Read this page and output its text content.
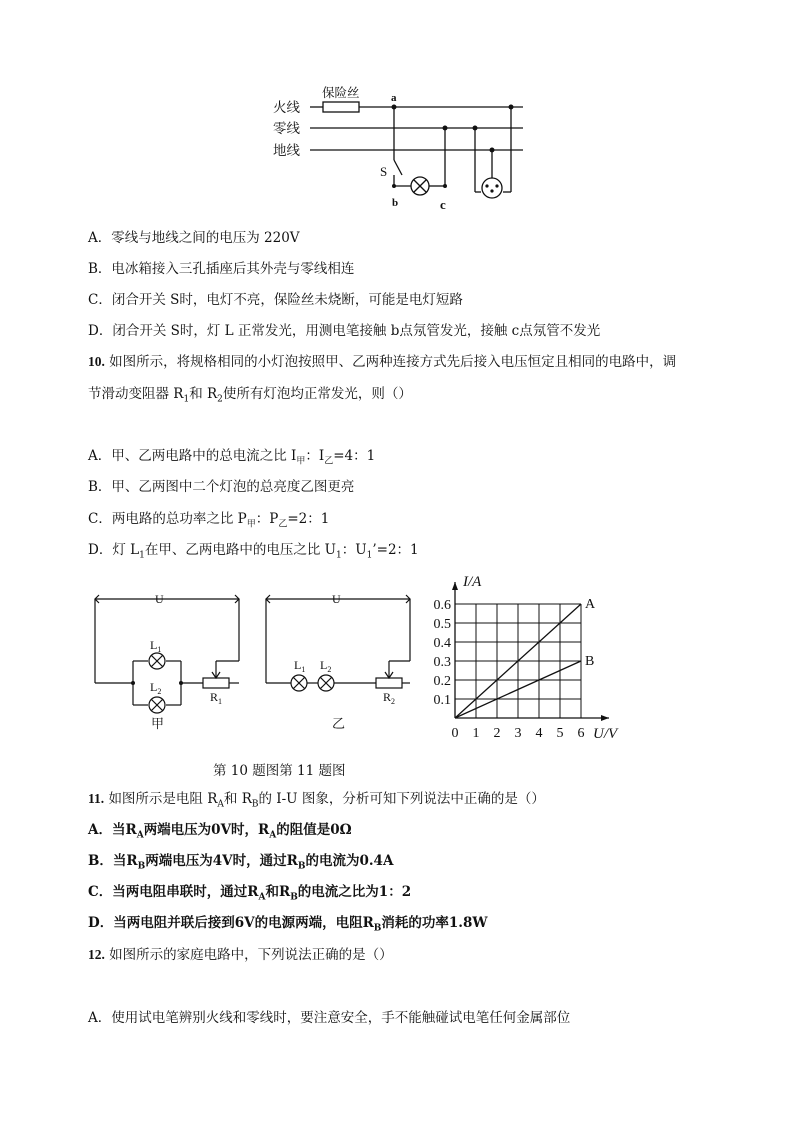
火线
零线
地线
保险丝	a
S
b	c
A．零线与地线之间的电压为 220V
B．电冰箱接入三孔插座后其外壳与零线相连
C．闭合开关 S时，电灯不亮，保险丝未烧断，可能是电灯短路
D．闭合开关 S时，灯 L 正常发光，用测电笔接触 b点氖管发光，接触 c点氖管不发光
10. 如图所示，将规格相同的小灯泡按照甲、乙两种连接方式先后接入电压恒定且相同的电路中，调
节滑动变阻器 $R_1$和 $R_2$使所有灯泡均正常发光，则（）
A．甲、乙两电路中的总电流之比 $I_甲$：$I_乙=4$：1
B．甲、乙两图中二个灯泡的总亮度乙图更亮
C．两电路的总功率之比 $P_甲$：$P_乙=2$：1
D．灯 $L_1$在甲、乙两电路中的电压之比 $U_1$：$U_1’=2$：1
U
$L_1$
$L_2$	$R_1$
甲
U
$L_1$ $L_2$
$R_2$
乙
0 1 2 3 4 5 6
0.1
0.2
0.3
0.4
0.5
0.6
I/A
U/V
A
B
第 10 题图第 11 题图
11. 如图所示是电阻 $R_A$和 $R_B$的 I-U 图象，分析可知下列说法中正确的是（）
A．当$R_A$两端电压为0V时，$R_A$的阻值是0Ω
B．当$R_B$两端电压为4V时，通过$R_B$的电流为0.4A
C．当两电阻串联时，通过$R_A$和$R_B$的电流之比为1：2
D．当两电阻并联后接到6V的电源两端，电阻$R_B$消耗的功率1.8W
12. 如图所示的家庭电路中，下列说法正确的是（）
A．使用试电笔辨别火线和零线时，要注意安全，手不能触碰试电笔任何金属部位
